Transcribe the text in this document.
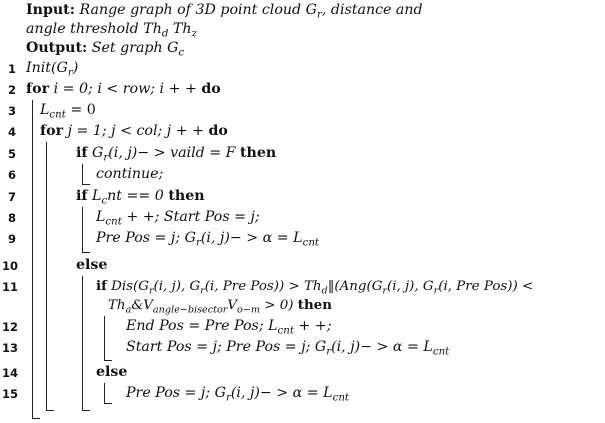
Input: Range graph of 3D point cloud $G_r$, distance and
angle threshold $Th_d$ $Th_z$
Output: Set graph $G_c$
1 $Init(G_r)$
2 for i = 0; i < row; i + + do
3 $L_{cnt} = 0$
4 for j = 1; j < col; j + + do
5	if $G_r(i$, j)− > vaild = F then
6	continue;
7	if $L_cnt == 0$ then
8	$L_{cnt}$ + +; Start Pos = j;
9	Pre Pos = j; $G_r(i$, $j)- > \alpha = L_{cnt}$
10	else
11	if $Dis(G_r(i$, j), $G_r(i$, Pre $Pos)) > Th_d‖(Ang(G_r(i$, j), $G_r(i$, Pre Pos)) <
$Th_a\&V_{angle-bisector}V_{o-m} > 0$) then
12	End Pos = Pre Pos; $L_{cnt}$ + +;
13	Start Pos = j; Pre Pos = j; $G_r(i$, $j)- > \alpha = L_{cnt}$
14	else
15	Pre Pos = j; $G_r(i$, $j)- > \alpha = L_{cnt}$
